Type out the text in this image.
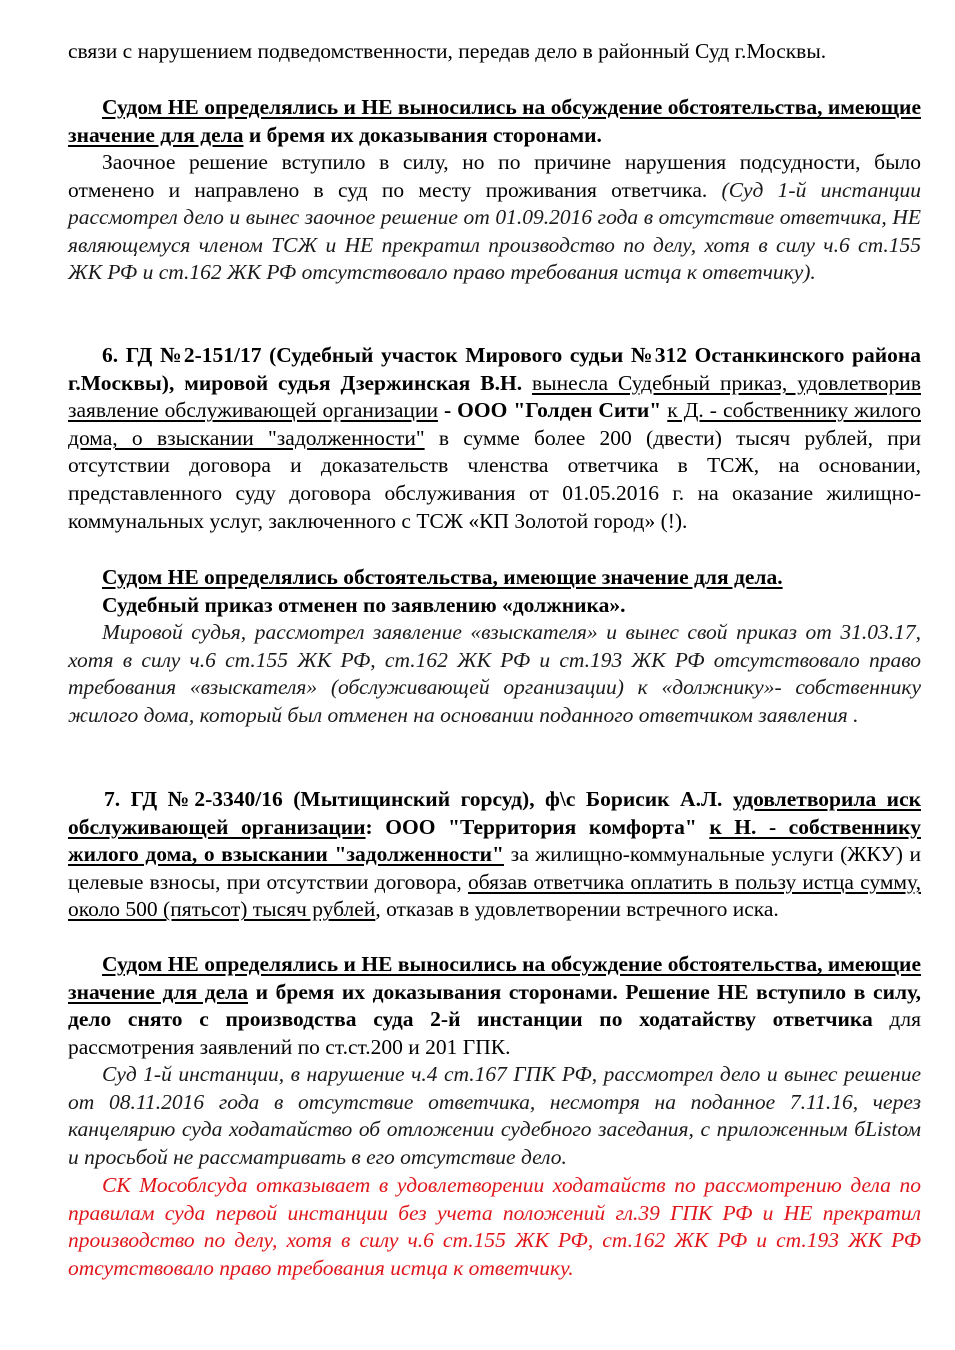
связи с нарушением подведомственности, передав дело в районный Суд г.Москвы.

Судом НЕ определялись и НЕ выносились на обсуждение обстоятельства, имеющие значение для дела и бремя их доказывания сторонами.

Заочное решение вступило в силу, но по причине нарушения подсудности, было отменено и направлено в суд по месту проживания ответчика. (Суд 1-й инстанции рассмотрел дело и вынес заочное решение от 01.09.2016 года в отсутствие ответчика, НЕ являющемуся членом ТСЖ и НЕ прекратил производство по делу, хотя в силу ч.6 ст.155 ЖК РФ и ст.162 ЖК РФ отсутствовало право требования истца к ответчику).

6. ГД №2-151/17 (Судебный участок Мирового судьи №312 Останкинского района г.Москвы), мировой судья Дзержинская В.Н. вынесла Судебный приказ, удовлетворив заявление обслуживающей организации - ООО "Голден Сити" к Д. - собственнику жилого дома, о взыскании "задолженности" в сумме более 200 (двести) тысяч рублей, при отсутствии договора и доказательств членства ответчика в ТСЖ, на основании, представленного суду договора обслуживания от 01.05.2016 г. на оказание жилищно-коммунальных услуг, заключенного с ТСЖ «КП Золотой город» (!).

Судом НЕ определялись обстоятельства, имеющие значение для дела.

Судебный приказ отменен по заявлению «должника».

Мировой судья, рассмотрел заявление «взыскателя» и вынес свой приказ от 31.03.17, хотя в силу ч.6 ст.155 ЖК РФ, ст.162 ЖК РФ и ст.193 ЖК РФ отсутствовало право требования «взыскателя» (обслуживающей организации) к «должнику»- собственнику жилого дома, который был отменен на основании поданного ответчиком заявления .

7. ГД №2-3340/16 (Мытищинский горсуд), ф\с Борисик А.Л. удовлетворила иск обслуживающей организации: ООО "Территория комфорта" к Н. - собственнику жилого дома, о взыскании "задолженности" за жилищно-коммунальные услуги (ЖКУ) и целевые взносы, при отсутствии договора, обязав ответчика оплатить в пользу истца сумму, около 500 (пятьсот) тысяч рублей, отказав в удовлетворении встречного иска.

Судом НЕ определялись и НЕ выносились на обсуждение обстоятельства, имеющие значение для дела и бремя их доказывания сторонами. Решение НЕ вступило в силу, дело снято с производства суда 2-й инстанции по ходатайству ответчика для рассмотрения заявлений по ст.ст.200 и 201 ГПК.

Суд 1-й инстанции, в нарушение ч.4 ст.167 ГПК РФ, рассмотрел дело и вынес решение от 08.11.2016 года в отсутствие ответчика, несмотря на поданное 7.11.16, через канцелярию суда ходатайство об отложении судебного заседания, с приложенным бListом и просьбой не рассматривать в его отсутствие дело.

СК Мособлсуда отказывает в удовлетворении ходатайств по рассмотрению дела по правилам суда первой инстанции без учета положений гл.39 ГПК РФ и НЕ прекратил производство по делу, хотя в силу ч.6 ст.155 ЖК РФ, ст.162 ЖК РФ и ст.193 ЖК РФ отсутствовало право требования истца к ответчику.
